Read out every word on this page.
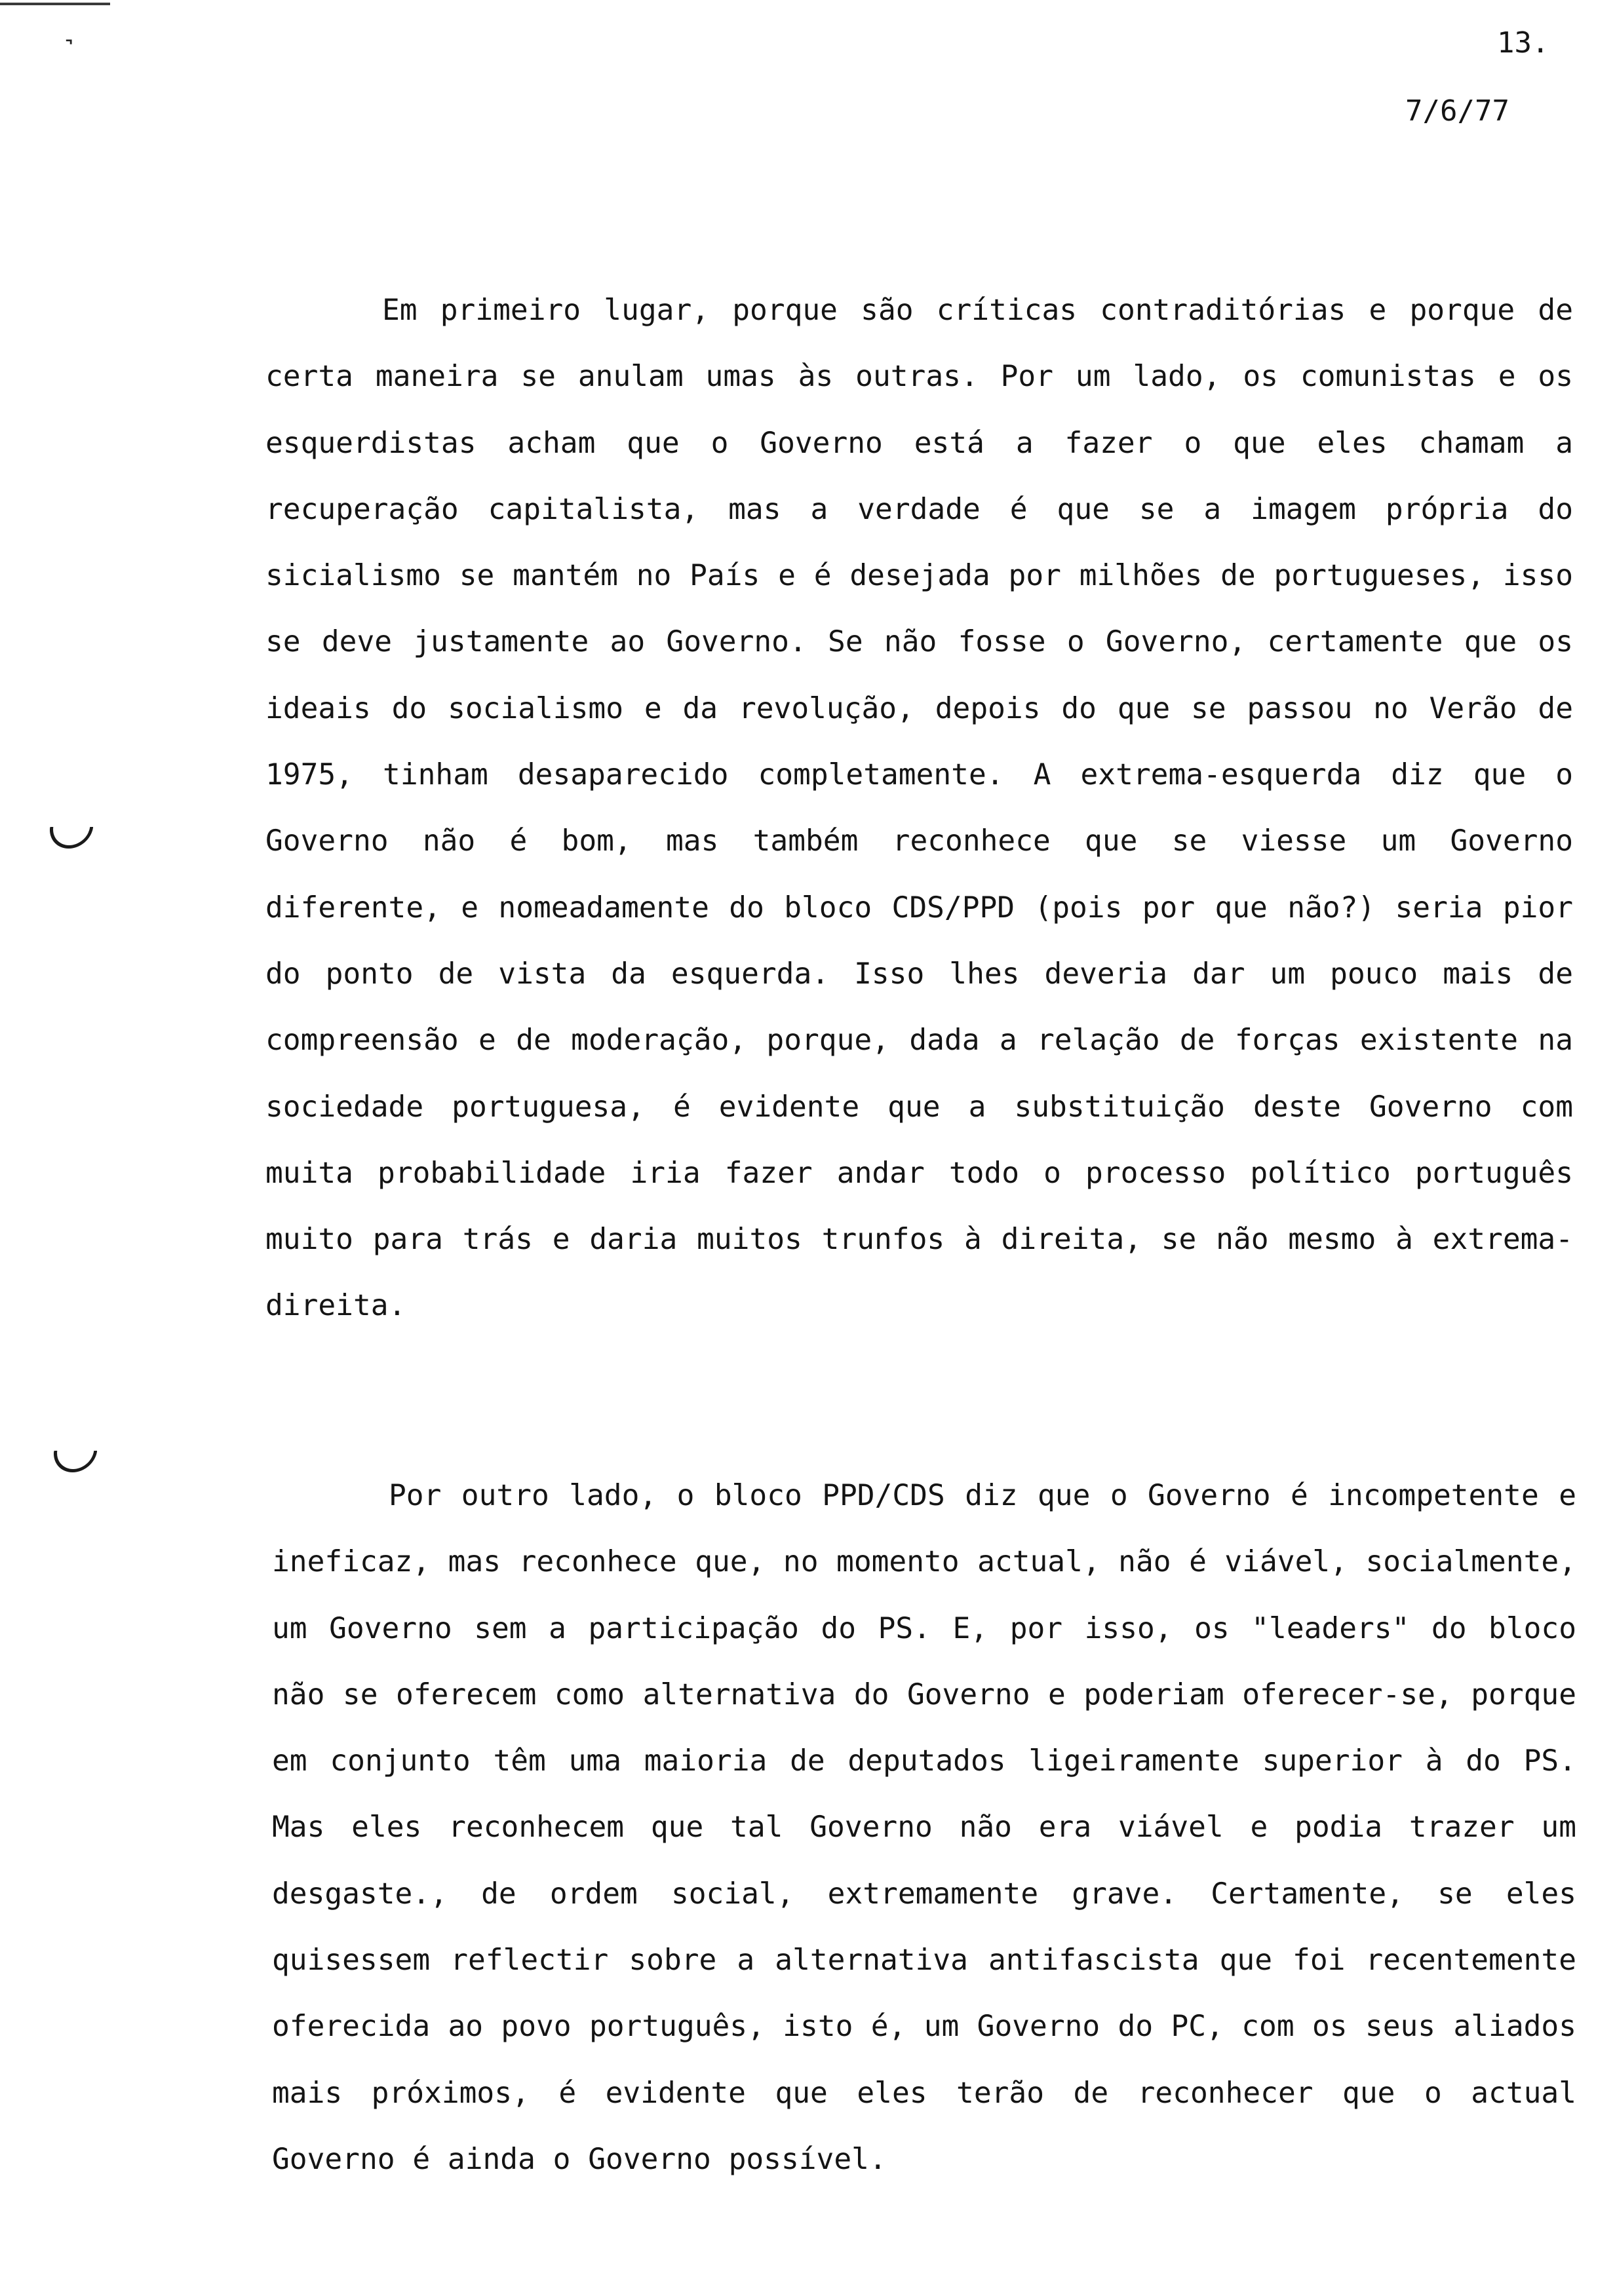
˺	13.
7/6/77

Em primeiro lugar, porque são críticas contraditórias e porque de certa maneira se anulam umas às outras. Por um lado, os comunistas e os esquerdistas acham que o Governo está a fazer o que eles chamam a recuperação capitalista, mas a verdade é que se a imagem própria do sicialismo se mantém no País e é desejada por milhões de portugueses, isso se deve justamente ao Governo. Se não fosse o Governo, certamente que os ideais do socialismo e da revolução, depois do que se passou no Verão de 1975, tinham desaparecido completamente. A extrema-esquerda diz que o Governo não é bom, mas também reconhece que se viesse um Governo diferente, e nomeadamente do bloco CDS/PPD (pois por que não?) seria pior do ponto de vista da esquerda. Isso lhes deveria dar um pouco mais de compreensão e de moderação, porque, dada a relação de forças existente na sociedade portuguesa, é evidente que a substituição deste Governo com muita probabilidade iria fazer andar todo o processo político português muito para trás e daria muitos trunfos à direita, se não mesmo à extrema-direita.

Por outro lado, o bloco PPD/CDS diz que o Governo é incompetente e ineficaz, mas reconhece que, no momento actual, não é viável, socialmente, um Governo sem a participação do PS. E, por isso, os "leaders" do bloco não se oferecem como alternativa do Governo e poderiam oferecer-se, porque em conjunto têm uma maioria de deputados ligeiramente superior à do PS. Mas eles reconhecem que tal Governo não era viável e podia trazer um desgaste., de ordem social, extremamente grave. Certamente, se eles quisessem reflectir sobre a alternativa antifascista que foi recentemente oferecida ao povo português, isto é, um Governo do PC, com os seus aliados mais próximos, é evidente que eles terão de reconhecer que o actual Governo é ainda o Governo possível.
